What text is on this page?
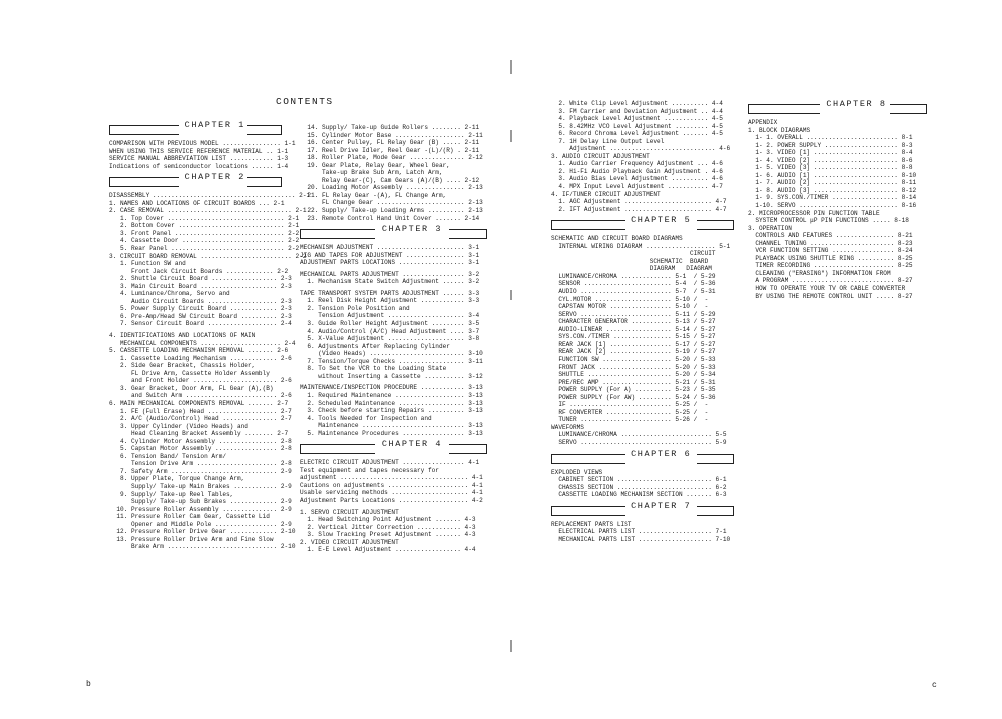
CONTENTS
CHAPTER 1
COMPARISON WITH PREVIOUS MODEL ................ 1-1
WHEN USING THIS SERVICE REFERENCE MATERIAL .. 1-1
SERVICE MANUAL ABBREVIATION LIST ............ 1-3
Indications of semiconductor locations ...... 1-4
CHAPTER 2
DISASSEMBLY ....................................... 2-1
1. NAMES AND LOCATIONS OF CIRCUIT BOARDS ... 2-1
2. CASE REMOVAL .................................. 2-1
1. Top Cover ................................ 2-1
2. Bottom Cover ............................. 2-1
3. Front Panel .............................. 2-2
4. Cassette Door ............................ 2-2
5. Rear Panel ............................... 2-2
3. CIRCUIT BOARD REMOVAL ......................... 2-2
1. Function SW and
Front Jack Circuit Boards ............. 2-2
2. Shuttle Circuit Board .................. 2-3
3. Main Circuit Board ..................... 2-3
4. Luminance/Chroma, Servo and
Audio Circuit Boards ................... 2-3
5. Power Supply Circuit Board ............. 2-3
6. Pre-Amp/Head SW Circuit Board .......... 2-3
7. Sensor Circuit Board ................... 2-4
4. IDENTIFICATIONS AND LOCATIONS OF MAIN
MECHANICAL COMPONENTS ...................... 2-4
5. CASSETTE LOADING MECHANISM REMOVAL ....... 2-6
1. Cassette Loading Mechanism ............. 2-6
2. Side Gear Bracket, Chassis Holder,
FL Drive Arm, Cassette Holder Assembly
and Front Holder ....................... 2-6
3. Gear Bracket, Door Arm, FL Gear (A),(B)
and Switch Arm ......................... 2-6
6. MAIN MECHANICAL COMPONENTS REMOVAL ....... 2-7
1. FE (Full Erase) Head ................... 2-7
2. A/C (Audio/Control) Head ............... 2-7
3. Upper Cylinder (Video Heads) and
Head Cleaning Bracket Assembly ........ 2-7
4. Cylinder Motor Assembly ................ 2-8
5. Capstan Motor Assembly ................. 2-8
6. Tension Band/ Tension Arm/
Tension Drive Arm ...................... 2-8
7. Safety Arm ............................. 2-9
8. Upper Plate, Torque Change Arm,
Supply/ Take-up Main Brakes ............ 2-9
9. Supply/ Take-up Reel Tables,
Supply/ Take-up Sub Brakes ............. 2-9
10. Pressure Roller Assembly ............... 2-9
11. Pressure Roller Cam Gear, Cassette Lid
Opener and Middle Pole ................. 2-9
12. Pressure Roller Drive Gear ............. 2-10
13. Pressure Roller Drive Arm and Fine Slow
Brake Arm .............................. 2-10
14. Supply/ Take-up Guide Rollers ........ 2-11
15. Cylinder Motor Base ................... 2-11
16. Center Pulley, FL Relay Gear (B) ..... 2-11
17. Reel Drive Idler, Reel Gear -(L)/(R) . 2-11
18. Roller Plate, Mode Gear ............... 2-12
19. Gear Plate, Relay Gear, Wheel Gear,
Take-up Brake Sub Arm, Latch Arm,
Relay Gear-(C), Cam Gears (A)/(B) .... 2-12
20. Loading Motor Assembly ................ 2-13
21. FL Relay Gear -(A), FL Change Arm,
FL Change Gear ........................ 2-13
22. Supply/ Take-up Loading Arms .......... 2-13
23. Remote Control Hand Unit Cover ....... 2-14
CHAPTER 3
MECHANISM ADJUSTMENT ........................ 3-1
JIG AND TAPES FOR ADJUSTMENT ................ 3-1
ADJUSTMENT PARTS LOCATIONS .................. 3-1
MECHANICAL PARTS ADJUSTMENT ................. 3-2
1. Mechanism State Switch Adjustment ...... 3-2
TAPE TRANSPORT SYSTEM PARTS ADJUSTMENT ...... 3-3
1. Reel Disk Height Adjustment ............ 3-3
2. Tension Pole Position and
Tension Adjustment ..................... 3-4
3. Guide Roller Height Adjustment ......... 3-5
4. Audio/Control (A/C) Head Adjustment .... 3-7
5. X-Value Adjustment ..................... 3-8
6. Adjustments After Replacing Cylinder
(Video Heads) .......................... 3-10
7. Tension/Torque Checks .................. 3-11
8. To Set the VCR to the Loading State
without Inserting a Cassette ........... 3-12
MAINTENANCE/INSPECTION PROCEDURE ............ 3-13
1. Required Maintenance ................... 3-13
2. Scheduled Maintenance .................. 3-13
3. Check before starting Repairs .......... 3-13
4. Tools Needed for Inspection and
Maintenance ............................ 3-13
5. Maintenance Procedures ................. 3-13
CHAPTER 4
ELECTRIC CIRCUIT ADJUSTMENT ................. 4-1
Test equipment and tapes necessary for
adjustment ................................... 4-1
Cautions on adjustments ...................... 4-1
Usable servicing methods ..................... 4-1
Adjustment Parts Locations ................... 4-2
1. SERVO CIRCUIT ADJUSTMENT
1. Head Switching Point Adjustment ....... 4-3
2. Vertical Jitter Correction ............ 4-3
3. Slow Tracking Preset Adjustment ....... 4-3
2. VIDEO CIRCUIT ADJUSTMENT
1. E-E Level Adjustment .................. 4-4
2. White Clip Level Adjustment .......... 4-4
3. FM Carrier and Deviation Adjustment .. 4-4
4. Playback Level Adjustment ............ 4-5
5. 8.42MHz VCO Level Adjustment ......... 4-5
6. Record Chroma Level Adjustment ....... 4-5
7. 1H Delay Line Output Level
Adjustment ............................. 4-6
3. AUDIO CIRCUIT ADJUSTMENT
1. Audio Carrier Frequency Adjustment ... 4-6
2. Hi-Fi Audio Playback Gain Adjustment . 4-6
3. Audio Bias Level Adjustment .......... 4-6
4. MPX Input Level Adjustment ........... 4-7
4. IF/TUNER CIRCUIT ADJUSTMENT
1. AGC Adjustment ........................ 4-7
2. IFT Adjustment ........................ 4-7
CHAPTER 5
SCHEMATIC AND CIRCUIT BOARD DIAGRAMS
INTERNAL WIRING DIAGRAM ................... 5-1
CIRCUIT
SCHEMATIC  BOARD
DIAGRAM   DIAGRAM
LUMINANCE/CHROMA .............. 5-1  / 5-29
SENSOR ........................ 5-4  / 5-36
AUDIO ......................... 5-7  / 5-31
CYL.MOTOR ..................... 5-10 /  -
CAPSTAN MOTOR ................. 5-10 /  -
SERVO ......................... 5-11 / 5-29
CHARACTER GENERATOR ........... 5-13 / 5-27
AUDIO-LINEAR .................. 5-14 / 5-27
SYS.CON./TIMER ................ 5-15 / 5-27
REAR JACK [1] ................. 5-17 / 5-27
REAR JACK [2] ................. 5-19 / 5-27
FUNCTION SW ................... 5-20 / 5-33
FRONT JACK .................... 5-20 / 5-33
SHUTTLE ....................... 5-20 / 5-34
PRE/REC AMP ................... 5-21 / 5-31
POWER SUPPLY (For A) .......... 5-23 / 5-35
POWER SUPPLY (For AW) ......... 5-24 / 5-36
IF ............................ 5-25 /  -
RF CONVERTER .................. 5-25 /  -
TUNER ......................... 5-26 /  -
WAVEFORMS
LUMINANCE/CHROMA ......................... 5-5
SERVO .................................... 5-9
CHAPTER 6
EXPLODED VIEWS
CABINET SECTION .......................... 6-1
CHASSIS SECTION .......................... 6-2
CASSETTE LOADING MECHANISM SECTION ....... 6-3
CHAPTER 7
REPLACEMENT PARTS LIST
ELECTRICAL PARTS LIST .................... 7-1
MECHANICAL PARTS LIST .................... 7-10
CHAPTER 8
APPENDIX
1. BLOCK DIAGRAMS
1- 1. OVERALL ......................... 8-1
1- 2. POWER SUPPLY .................... 8-3
1- 3. VIDEO [1] ....................... 8-4
1- 4. VIDEO [2] ....................... 8-6
1- 5. VIDEO [3] ....................... 8-8
1- 6. AUDIO [1] ....................... 8-10
1- 7. AUDIO [2] ....................... 8-11
1- 8. AUDIO [3] ....................... 8-12
1- 9. SYS.CON./TIMER .................. 8-14
1-10. SERVO ........................... 8-16
2. MICROPROCESSOR PIN FUNCTION TABLE
SYSTEM CONTROL μP PIN FUNCTIONS ..... 8-18
3. OPERATION
CONTROLS AND FEATURES ................ 8-21
CHANNEL TUNING ....................... 8-23
VCR FUNCTION SETTING ................. 8-24
PLAYBACK USING SHUTTLE RING .......... 8-25
TIMER RECORDING ...................... 8-25
CLEANING ("ERASING") INFORMATION FROM
A PROGRAM ............................ 8-27
HOW TO OPERATE YOUR TV OR CABLE CONVERTER
BY USING THE REMOTE CONTROL UNIT ..... 8-27
b	c
